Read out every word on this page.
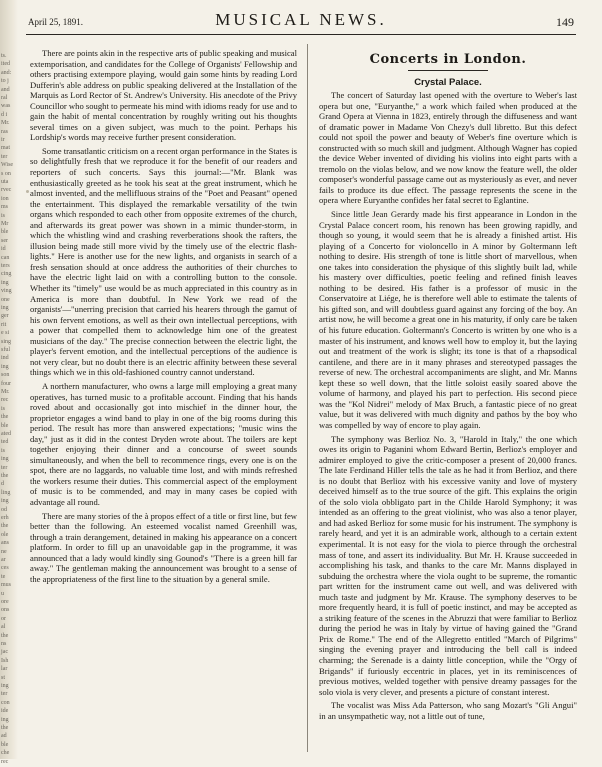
ts.
ited
and:
to j
and
ral
was
d i
Mr.
ras
ir
mat
ter
Wise
s on
uta
rvec
ion
ms
is
Mr
ble
ser
id
can
ters
cing
ing
ving
one
ing
ger
rit
e si
sing
sful
ind
ing
son
four
Mr.
rec
is
the
ble
ated
ted
is
ing
ter
the
d
ling
ing
od
erh
the
ole
ans
ne
ar
ces
te
mus
u
ore
ons
or
al
the
ns
jac
Ish
lar
st
ing
ter
con
ide
ing
the
ad
ble
che
rec
April 25, 1891.	MUSICAL NEWS.	149

There are points akin in the respective arts of public speaking and musical extemporisation, and candidates for the College of Organists' Fellowship and others practising extempore playing, would gain some hints by reading Lord Dufferin's able address on public speaking delivered at the Installation of the Marquis as Lord Rector of St. Andrew's University. His anecdote of the Privy Councillor who sought to permeate his mind with idioms ready for use and to gain the habit of mental concentration by roughly writing out his thoughts several times on a given subject, was much to the point. Perhaps his Lordship's words may receive further present consideration.

Some transatlantic criticism on a recent organ performance in the States is so delightfully fresh that we reproduce it for the benefit of our readers and reporters of such concerts. Says this journal:—"Mr. Blank was enthusiastically greeted as he took his seat at the great instrument, which he almost invented, and the mellifluous strains of the "Poet and Peasant" opened the entertainment. This displayed the remarkable versatility of the twin organs which responded to each other from opposite extremes of the church, and afterwards its great power was shown in a mimic thunder-storm, in which the whistling wind and crashing reverberations shook the rafters, the illusion being made still more vivid by the timely use of the electric flash-lights." Here is another use for the new lights, and organists in search of a fresh sensation should at once address the authorities of their churches to have the electric light laid on with a controlling button to the console. Whether its "timely" use would be as much appreciated in this country as in America is more than doubtful. In New York we read of the organists'—"unerring precision that carried his hearers through the gamut of his own fervent emotions, as well as their own intellectual perceptions, with a power that compelled them to acknowledge him one of the greatest musicians of the day." The precise connection between the electric light, the player's fervent emotion, and the intellectual perceptions of the audience is not very clear, but no doubt there is an electric affinity between these several things which we in this old-fashioned country cannot understand.

A northern manufacturer, who owns a large mill employing a great many operatives, has turned music to a profitable account. Finding that his hands roved about and occasionally got into mischief in the dinner hour, the proprietor engages a wind band to play in one of the big rooms during this period. The result has more than answered expectations; "music wins the day," just as it did in the contest Dryden wrote about. The toilers are kept together enjoying their dinner and a concourse of sweet sounds simultaneously, and when the bell to recommence rings, every one is on the spot, there are no laggards, no valuable time lost, and with minds refreshed the workers resume their duties. This commercial aspect of the employment of music is to be commended, and may in many cases be copied with advantage all round.

There are many stories of the à propos effect of a title or first line, but few better than the following. An esteemed vocalist named Greenhill was, through a train derangement, detained in making his appearance on a concert platform. In order to fill up an unavoidable gap in the programme, it was announced that a lady would kindly sing Gounod's "There is a green hill far away." The gentleman making the announcement was brought to a sense of the appropriateness of the first line to the situation by a general smile.

Concerts in London.
Crystal Palace.

The concert of Saturday last opened with the overture to Weber's last opera but one, "Euryanthe," a work which failed when produced at the Grand Opera at Vienna in 1823, entirely through the diffuseness and want of dramatic power in Madame Von Chezy's dull libretto. But this defect could not spoil the power and beauty of Weber's fine overture which is constructed with so much skill and judgment. Although Wagner has copied the device Weber invented of dividing his violins into eight parts with a tremolo on the violas below, and we now know the feature well, the older composer's wonderful passage came out as mysteriously as ever, and never fails to produce its due effect. The passage represents the scene in the opera where Euryanthe confides her fatal secret to Eglantine.

Since little Jean Gerardy made his first appearance in London in the Crystal Palace concert room, his renown has been growing rapidly, and though so young, it would seem that he is already a finished artist. His playing of a Concerto for violoncello in A minor by Goltermann left nothing to desire. His strength of tone is little short of marvellous, when one takes into consideration the physique of this slightly built lad, while his mastery over difficulties, poetic feeling and refined finish leaves nothing to be desired. His father is a professor of music in the Conservatoire at Liége, he is therefore well able to estimate the talents of his gifted son, and will doubtless guard against any forcing of the boy. An artist now, he will become a great one in his maturity, if only care be taken of his future education. Goltermann's Concerto is written by one who is a master of his instrument, and knows well how to employ it, but the laying out and treatment of the work is slight; its tone is that of a rhapsodical cantilene, and there are in it many phrases and stereotyped passages the reverse of new. The orchestral accompaniments are slight, and Mr. Manns kept these so well down, that the little soloist easily soared above the volume of harmony, and played his part to perfection. His second piece was the "Kol Nidrei" melody of Max Bruch, a fantastic piece of no great value, but it was delivered with much dignity and pathos by the boy who was compelled by way of encore to play again.

The symphony was Berlioz No. 3, "Harold in Italy," the one which owes its origin to Paganini whom Edward Bertin, Berlioz's employer and admirer employed to give the critic-composer a present of 20,000 francs. The late Ferdinand Hiller tells the tale as he had it from Berlioz, and there is no doubt that Berlioz with his excessive vanity and love of mystery deceived himself as to the true source of the gift. This explains the origin of the solo viola obbligato part in the Childe Harold Symphony; it was intended as an offering to the great violinist, who was also a tenor player, and had asked Berlioz for some music for his instrument. The symphony is rarely heard, and yet it is an admirable work, although to a certain extent experimental. It is not easy for the viola to pierce through the orchestral mass of tone, and assert its individuality. But Mr. H. Krause succeeded in accomplishing his task, and thanks to the care Mr. Manns displayed in subduing the orchestra where the viola ought to be supreme, the romantic part written for the instrument came out well, and was delivered with much taste and judgment by Mr. Krause. The symphony deserves to be more frequently heard, it is full of poetic instinct, and may be accepted as a striking feature of the scenes in the Abruzzi that were familiar to Berlioz during the period he was in Italy by virtue of having gained the "Grand Prix de Rome." The end of the Allegretto entitled "March of Pilgrims" singing the evening prayer and introducing the bell call is indeed charming; the Serenade is a dainty little conception, while the "Orgy of Brigands" if furiously eccentric in places, yet in its reminiscences of previous motives, welded together with pensive dreamy passages for the solo viola is very clever, and presents a picture of constant interest.

The vocalist was Miss Ada Patterson, who sang Mozart's "Gli Angui" in an unsympathetic way, not a little out of tune,
